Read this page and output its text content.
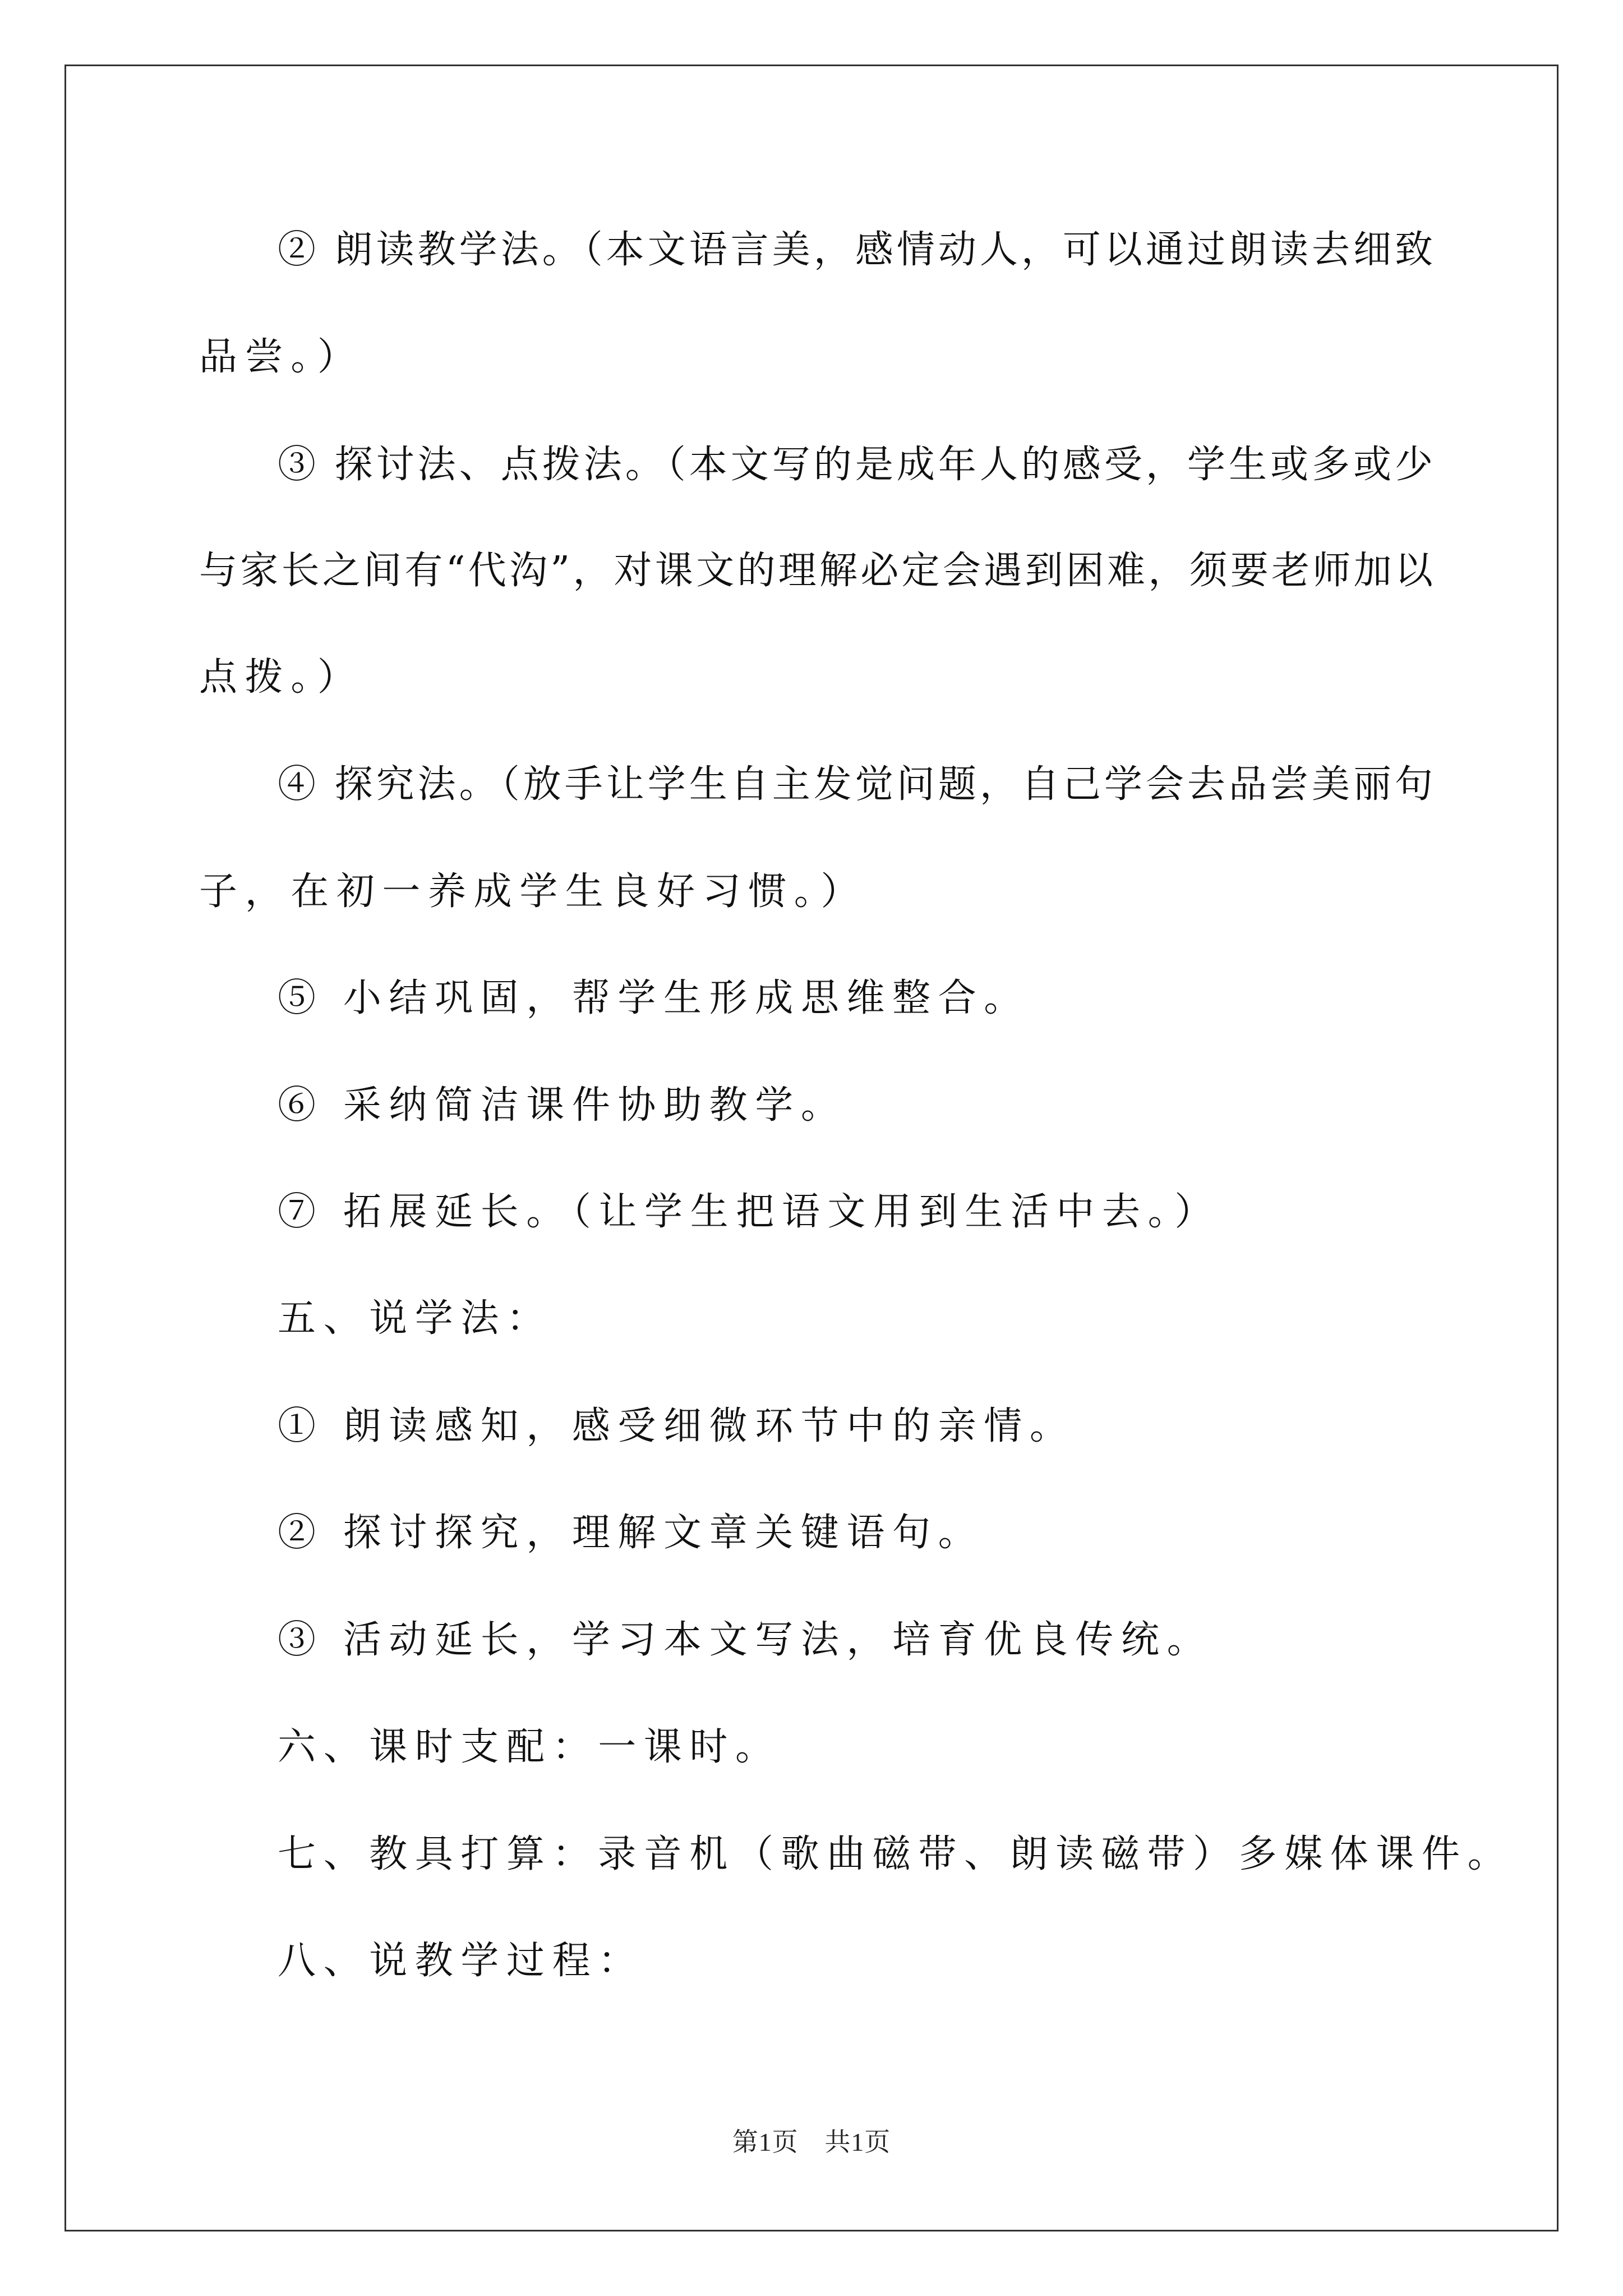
② 朗读教学法。（本文语言美，感情动人，可以通过朗读去细致
品尝。）
③ 探讨法、点拨法。（本文写的是成年人的感受，学生或多或少
与家长之间有“代沟”，对课文的理解必定会遇到困难，须要老师加以
点拨。）
④ 探究法。（放手让学生自主发觉问题，自己学会去品尝美丽句
子，在初一养成学生良好习惯。）
⑤ 小结巩固，帮学生形成思维整合。
⑥ 采纳简洁课件协助教学。
⑦ 拓展延长。（让学生把语文用到生活中去。）
五、说学法：
① 朗读感知，感受细微环节中的亲情。
② 探讨探究，理解文章关键语句。
③ 活动延长，学习本文写法，培育优良传统。
六、课时支配：一课时。
七、教具打算：录音机（歌曲磁带、朗读磁带）多媒体课件。
八、说教学过程：
第1页　共1页
